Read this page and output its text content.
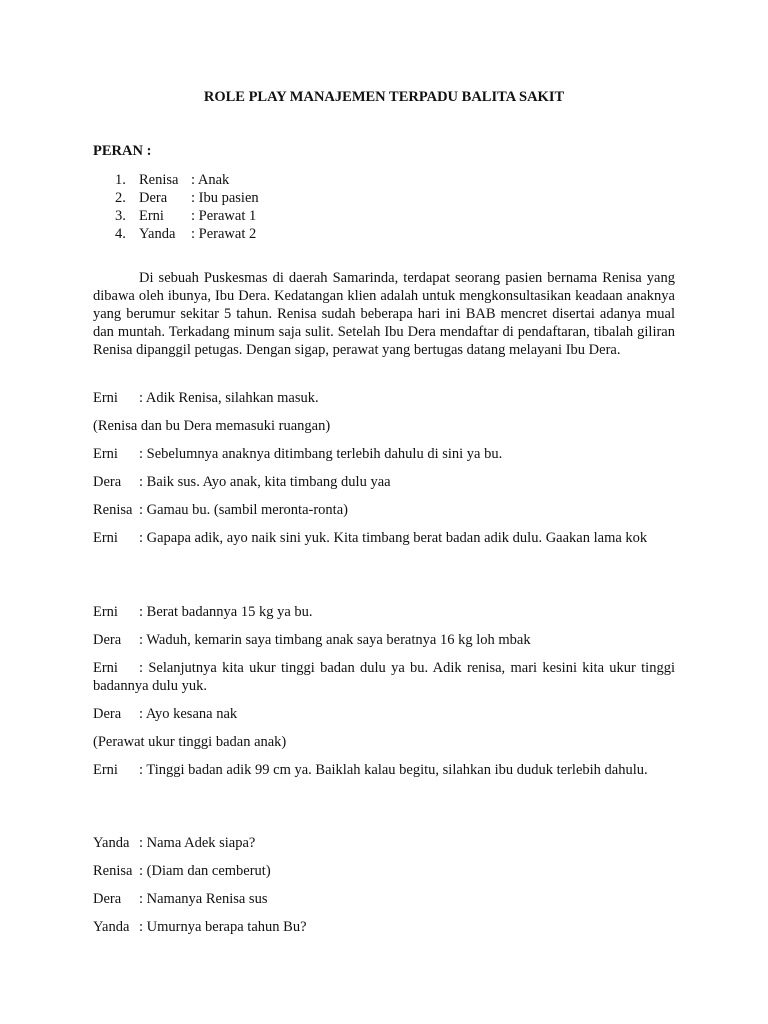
ROLE PLAY MANAJEMEN TERPADU BALITA SAKIT
PERAN :
1. Renisa : Anak
2. Dera : Ibu pasien
3. Erni : Perawat 1
4. Yanda : Perawat 2

Di sebuah Puskesmas di daerah Samarinda, terdapat seorang pasien bernama Renisa yang dibawa oleh ibunya, Ibu Dera. Kedatangan klien adalah untuk mengkonsultasikan keadaan anaknya yang berumur sekitar 5 tahun. Renisa sudah beberapa hari ini BAB mencret disertai adanya mual dan muntah. Terkadang minum saja sulit. Setelah Ibu Dera mendaftar di pendaftaran, tibalah giliran Renisa dipanggil petugas. Dengan sigap, perawat yang bertugas datang melayani Ibu Dera.

Erni : Adik Renisa, silahkan masuk.

(Renisa dan bu Dera memasuki ruangan)

Erni : Sebelumnya anaknya ditimbang terlebih dahulu di sini ya bu.

Dera : Baik sus. Ayo anak, kita timbang dulu yaa

Renisa : Gamau bu. (sambil meronta-ronta)

Erni : Gapapa adik, ayo naik sini yuk. Kita timbang berat badan adik dulu. Gaakan lama kok

Erni : Berat badannya 15 kg ya bu.

Dera : Waduh, kemarin saya timbang anak saya beratnya 16 kg loh mbak

Erni : Selanjutnya kita ukur tinggi badan dulu ya bu. Adik renisa, mari kesini kita ukur tinggi badannya dulu yuk.

Dera : Ayo kesana nak

(Perawat ukur tinggi badan anak)

Erni : Tinggi badan adik 99 cm ya. Baiklah kalau begitu, silahkan ibu duduk terlebih dahulu.

Yanda : Nama Adek siapa?

Renisa : (Diam dan cemberut)

Dera : Namanya Renisa sus

Yanda : Umurnya berapa tahun Bu?
